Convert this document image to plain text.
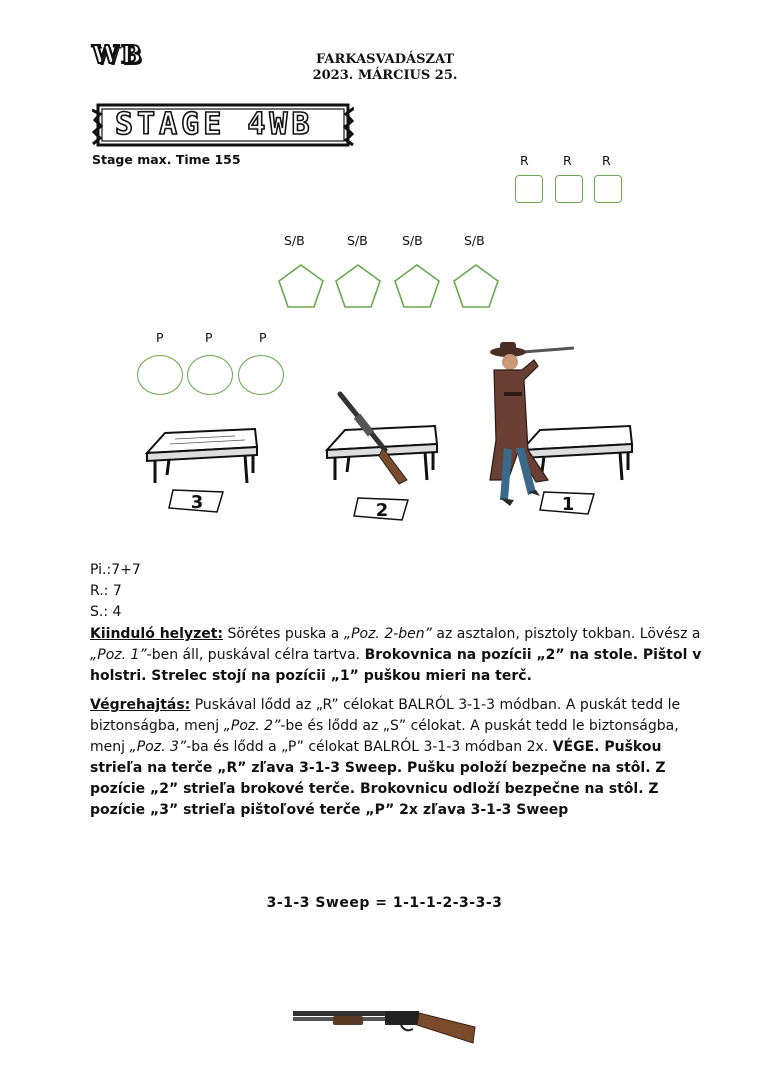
WB	FARKASVADÁSZAT
2023. MÁRCIUS 25.
STAGE 4WB
Stage max. Time 155	R	R R
S/B	S/B	S/B	S/B
P	P	P
3	2	1
Pi.:7+7
R.: 7
S.: 4
Kiinduló helyzet: Sörétes puska a „Poz. 2-ben” az asztalon, pisztoly tokban. Lövész a „Poz. 1”-ben áll, puskával célra tartva. Brokovnica na pozícii „2” na stole. Pištol v holstri. Strelec stojí na pozícii „1” puškou mieri na terč.
Végrehajtás: Puskával lődd az „R” célokat BALRÓL 3-1-3 módban. A puskát tedd le biztonságba, menj „Poz. 2”-be és lődd az „S” célokat. A puskát tedd le biztonságba, menj „Poz. 3”-ba és lődd a „P” célokat BALRÓL 3-1-3 módban 2x. VÉGE. Puškou strieľa na terče „R” zľava 3-1-3 Sweep. Pušku položí bezpečne na stôl. Z pozície „2” strieľa brokové terče. Brokovnicu odloží bezpečne na stôl. Z pozície „3” strieľa pištoľové terče „P” 2x zľava 3-1-3 Sweep
3-1-3 Sweep = 1-1-1-2-3-3-3
